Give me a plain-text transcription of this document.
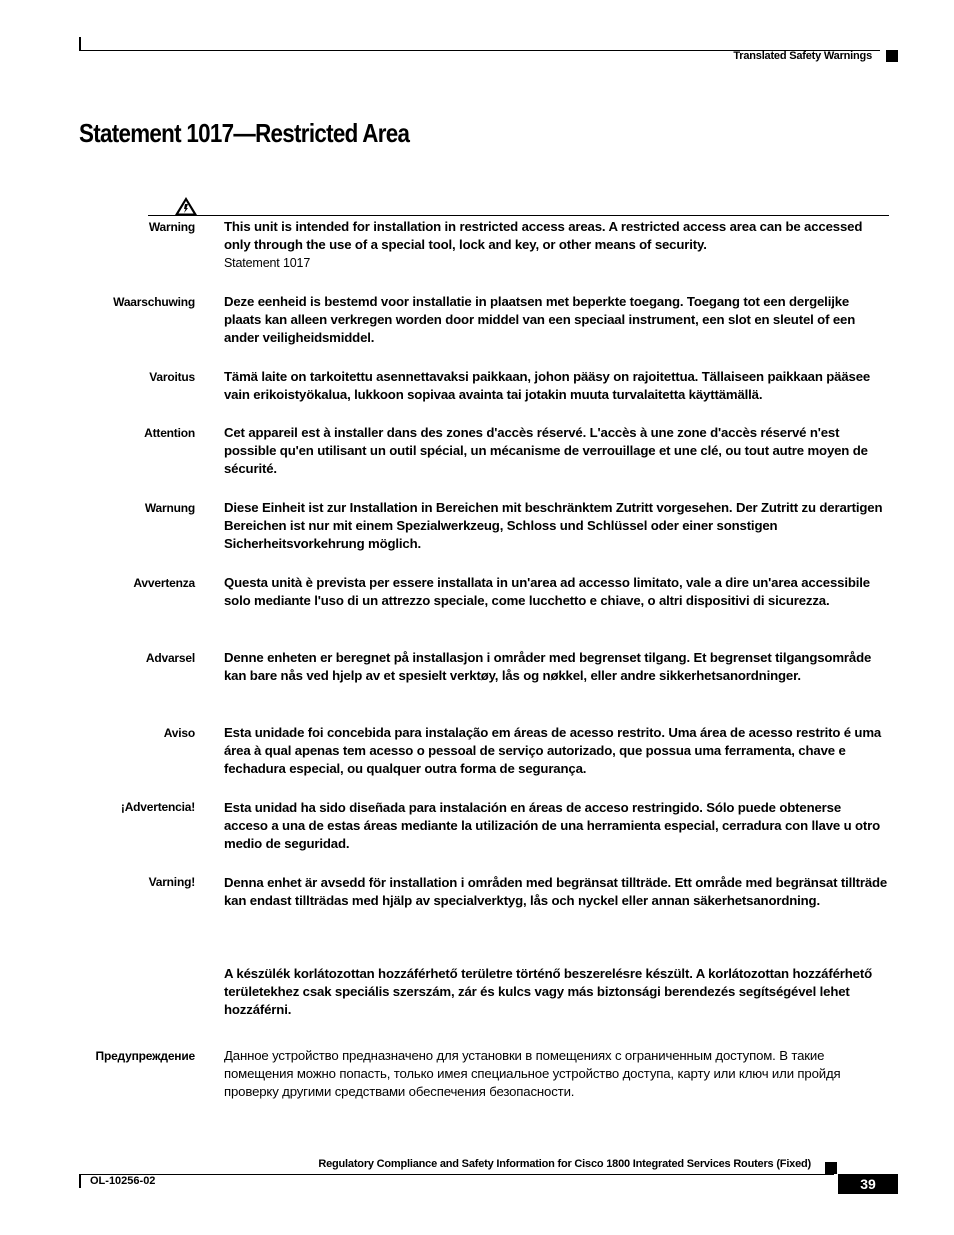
Translated Safety Warnings
Statement 1017—Restricted Area
Warning This unit is intended for installation in restricted access areas. A restricted access area can be accessed only through the use of a special tool, lock and key, or other means of security.
Statement 1017
Waarschuwing Deze eenheid is bestemd voor installatie in plaatsen met beperkte toegang. Toegang tot een dergelijke plaats kan alleen verkregen worden door middel van een speciaal instrument, een slot en sleutel of een ander veiligheidsmiddel.
Varoitus Tämä laite on tarkoitettu asennettavaksi paikkaan, johon pääsy on rajoitettua. Tällaiseen paikkaan pääsee vain erikoistyökalua, lukkoon sopivaa avainta tai jotakin muuta turvalaitetta käyttämällä.
Attention Cet appareil est à installer dans des zones d'accès réservé. L'accès à une zone d'accès réservé n'est possible qu'en utilisant un outil spécial, un mécanisme de verrouillage et une clé, ou tout autre moyen de sécurité.
Warnung Diese Einheit ist zur Installation in Bereichen mit beschränktem Zutritt vorgesehen. Der Zutritt zu derartigen Bereichen ist nur mit einem Spezialwerkzeug, Schloss und Schlüssel oder einer sonstigen Sicherheitsvorkehrung möglich.
Avvertenza Questa unità è prevista per essere installata in un'area ad accesso limitato, vale a dire un'area accessibile solo mediante l'uso di un attrezzo speciale, come lucchetto e chiave, o altri dispositivi di sicurezza.
Advarsel Denne enheten er beregnet på installasjon i områder med begrenset tilgang. Et begrenset tilgangsområde kan bare nås ved hjelp av et spesielt verktøy, lås og nøkkel, eller andre sikkerhetsanordninger.
Aviso Esta unidade foi concebida para instalação em áreas de acesso restrito. Uma área de acesso restrito é uma área à qual apenas tem acesso o pessoal de serviço autorizado, que possua uma ferramenta, chave e fechadura especial, ou qualquer outra forma de segurança.
¡Advertencia! Esta unidad ha sido diseñada para instalación en áreas de acceso restringido. Sólo puede obtenerse acceso a una de estas áreas mediante la utilización de una herramienta especial, cerradura con llave u otro medio de seguridad.
Varning! Denna enhet är avsedd för installation i områden med begränsat tillträde. Ett område med begränsat tillträde kan endast tillträdas med hjälp av specialverktyg, lås och nyckel eller annan säkerhetsanordning.
A készülék korlátozottan hozzáférhető területre történő beszerelésre készült. A korlátozottan hozzáférhető területekhez csak speciális szerszám, zár és kulcs vagy más biztonsági berendezés segítségével lehet hozzáférni.
Предупреждение Данное устройство предназначено для установки в помещениях с ограниченным доступом. В такие помещения можно попасть, только имея специальное устройство доступа, карту или ключ или пройдя проверку другими средствами обеспечения безопасности.
Regulatory Compliance and Safety Information for Cisco 1800 Integrated Services Routers (Fixed)
OL-10256-02	39
